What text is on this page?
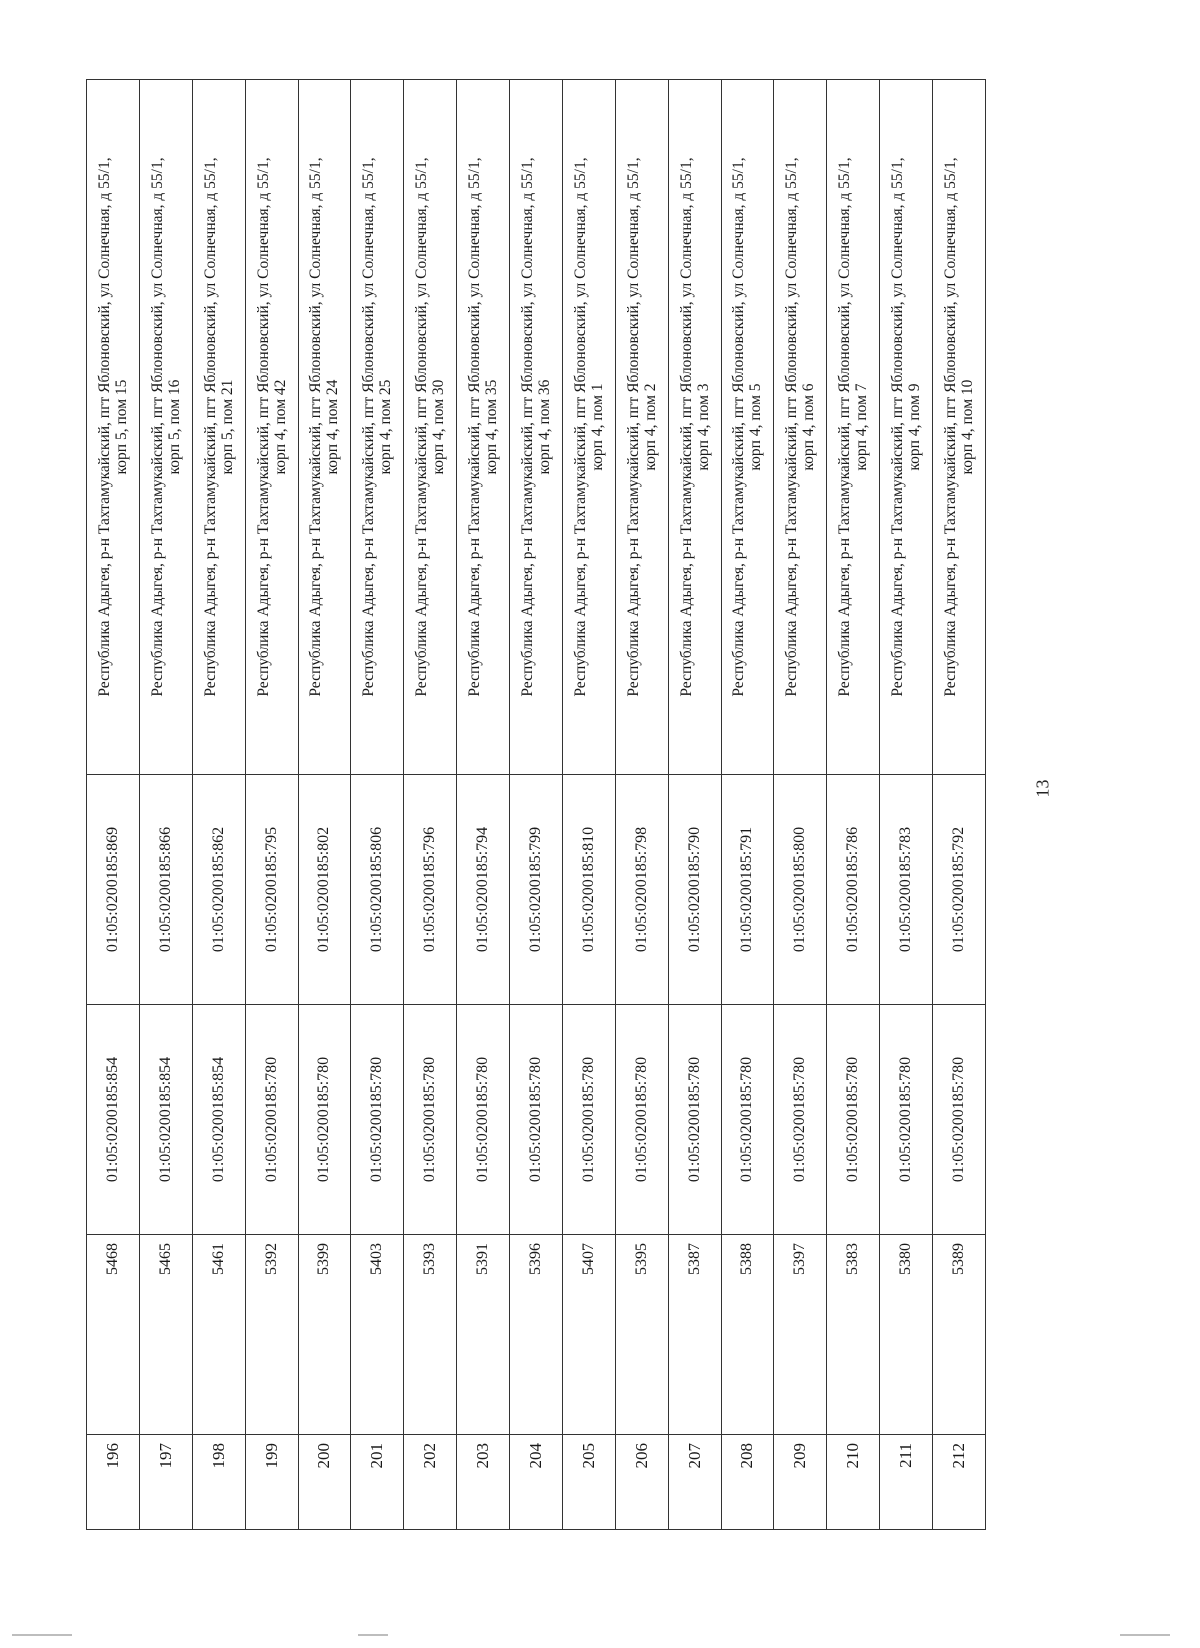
196	5468	01:05:0200185:854	01:05:0200185:869	Республика Адыгея, р-н Тахтамукайский, пгт Яблоновский, ул Солнечная, д 55/1, корп 5, пом 15

197	5465	01:05:0200185:854	01:05:0200185:866	Республика Адыгея, р-н Тахтамукайский, пгт Яблоновский, ул Солнечная, д 55/1, корп 5, пом 16

198	5461	01:05:0200185:854	01:05:0200185:862	Республика Адыгея, р-н Тахтамукайский, пгт Яблоновский, ул Солнечная, д 55/1, корп 5, пом 21

199	5392	01:05:0200185:780	01:05:0200185:795	Республика Адыгея, р-н Тахтамукайский, пгт Яблоновский, ул Солнечная, д 55/1, корп 4, пом 42

200	5399	01:05:0200185:780	01:05:0200185:802	Республика Адыгея, р-н Тахтамукайский, пгт Яблоновский, ул Солнечная, д 55/1, корп 4, пом 24

201	5403	01:05:0200185:780	01:05:0200185:806	Республика Адыгея, р-н Тахтамукайский, пгт Яблоновский, ул Солнечная, д 55/1, корп 4, пом 25

202	5393	01:05:0200185:780	01:05:0200185:796	Республика Адыгея, р-н Тахтамукайский, пгт Яблоновский, ул Солнечная, д 55/1, корп 4, пом 30

203	5391	01:05:0200185:780	01:05:0200185:794	Республика Адыгея, р-н Тахтамукайский, пгт Яблоновский, ул Солнечная, д 55/1, корп 4, пом 35

204	5396	01:05:0200185:780	01:05:0200185:799	Республика Адыгея, р-н Тахтамукайский, пгт Яблоновский, ул Солнечная, д 55/1, корп 4, пом 36

205	5407	01:05:0200185:780	01:05:0200185:810	Республика Адыгея, р-н Тахтамукайский, пгт Яблоновский, ул Солнечная, д 55/1, корп 4, пом 1

206	5395	01:05:0200185:780	01:05:0200185:798	Республика Адыгея, р-н Тахтамукайский, пгт Яблоновский, ул Солнечная, д 55/1, корп 4, пом 2

207	5387	01:05:0200185:780	01:05:0200185:790	Республика Адыгея, р-н Тахтамукайский, пгт Яблоновский, ул Солнечная, д 55/1, корп 4, пом 3

208	5388	01:05:0200185:780	01:05:0200185:791	Республика Адыгея, р-н Тахтамукайский, пгт Яблоновский, ул Солнечная, д 55/1, корп 4, пом 5

209	5397	01:05:0200185:780	01:05:0200185:800	Республика Адыгея, р-н Тахтамукайский, пгт Яблоновский, ул Солнечная, д 55/1, корп 4, пом 6

210	5383	01:05:0200185:780	01:05:0200185:786	Республика Адыгея, р-н Тахтамукайский, пгт Яблоновский, ул Солнечная, д 55/1, корп 4, пом 7

211	5380	01:05:0200185:780	01:05:0200185:783	Республика Адыгея, р-н Тахтамукайский, пгт Яблоновский, ул Солнечная, д 55/1, корп 4, пом 9

212	5389	01:05:0200185:780	01:05:0200185:792	Республика Адыгея, р-н Тахтамукайский, пгт Яблоновский, ул Солнечная, д 55/1, корп 4, пом 10
13
